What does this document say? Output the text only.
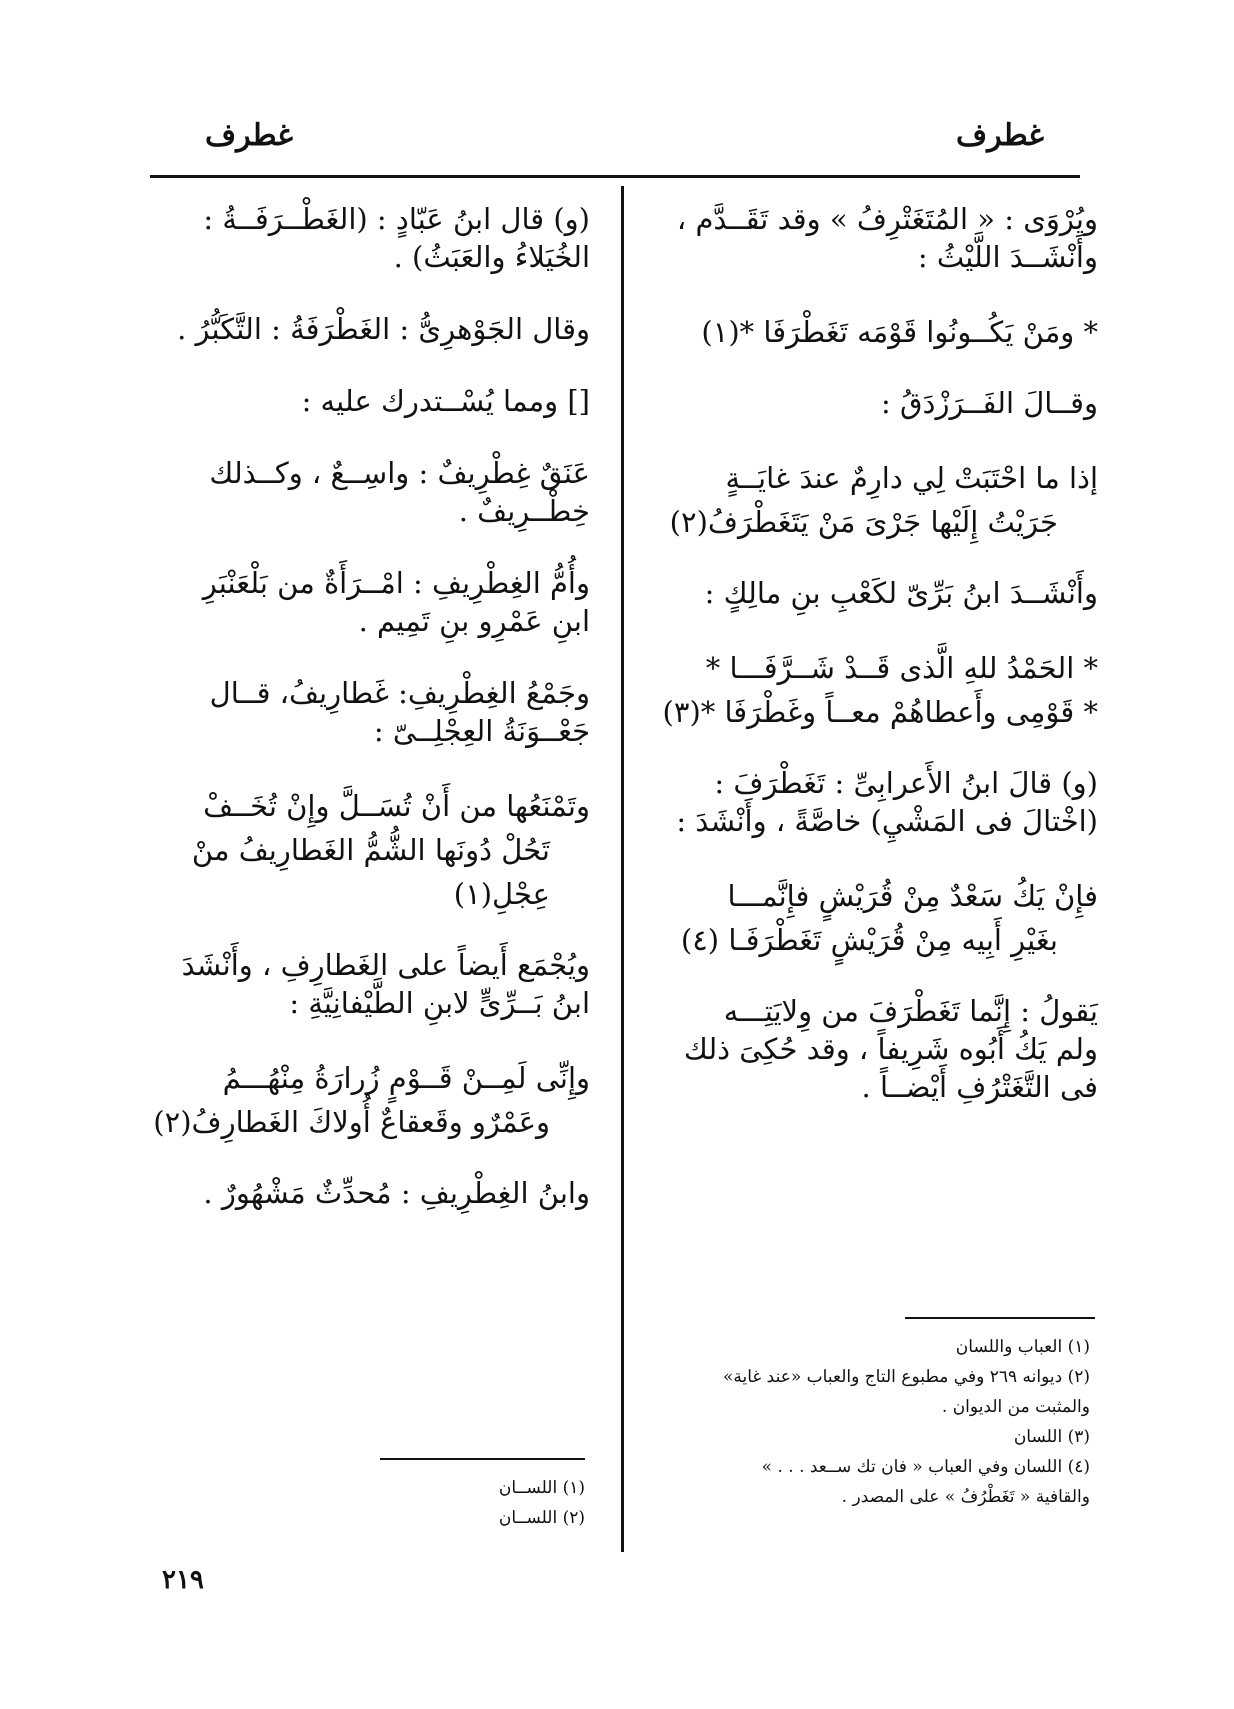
غطرف
غطرف

ويُرْوَى : « المُتَغَتْرِفُ » وقد تَقَــدَّم ،

وأَنْشَــدَ اللَّيْثُ :

* ومَنْ يَكُــونُوا قَوْمَه تَغَطْرَفَا *(١)

وقــالَ الفَــرَزْدَقُ :

إذا ما احْتَبَتْ لِي دارِمٌ عندَ غايَــةٍ

جَرَيْتُ إِلَيْها جَرْىَ مَنْ يَتَغَطْرَفُ(٢)

وأَنْشَــدَ ابنُ بَرِّىّ لكَعْبِ بنِ مالِكٍ :

* الحَمْدُ للهِ الَّذى قَــدْ شَــرَّفَـــا *

* قَوْمِى وأَعطاهُمْ معــاً وغَطْرَفَا *(٣)

(و) قالَ ابنُ الأَعرابِىِّ : تَغَطْرَفَ :

(اخْتالَ فى المَشْيِ) خاصَّةً ، وأَنْشَدَ :

فإِنْ يَكُ سَعْدٌ مِنْ قُرَيْشٍ فإِنَّمـــا

بغَيْرِ أَبِيه مِنْ قُرَيْشٍ تَغَطْرَفَـا (٤)

يَقولُ : إِنَّما تَغَطْرَفَ من وِلايَتِـــه

ولم يَكُ أَبُوه شَرِيفاً ، وقد حُكِىَ ذلك

فى التَّغَتْرُفِ أَيْضــاً .

(١) العباب واللسان

(٢) ديوانه ٢٦٩ وفي مطبوع التاج والعباب «عند غاية»

والمثبت من الديوان .

(٣) اللسان

(٤) اللسان وفي العباب « فان تك ســعد . . . »

والقافية « تَغَطْرُفُ » على المصدر .

(و) قال ابنُ عَبّادٍ : (الغَطْــرَفَــةُ :

الخُيَلاءُ والعَبَثُ) .

وقال الجَوْهرِىُّ : الغَطْرَفَةُ : التَّكَبُّرُ .

[] ومما يُسْــتدرك عليه :

عَنَقٌ غِطْرِيفٌ : واسِــعٌ ، وكــذلك

خِطْــرِيفٌ .

وأُمُّ الغِطْرِيفِ : امْــرَأَةٌ من بَلْعَنْبَرِ

ابنِ عَمْرِو بنِ تَمِيم .

وجَمْعُ الغِطْرِيفِ: غَطارِيفُ، قــال

جَعْــوَنَةُ العِجْلِــىّ :

وتَمْنَعُها من أَنْ تُسَــلَّ وإِنْ تُخَــفْ

تَحُلْ دُونَها الشُّمُّ الغَطارِيفُ منْ عِجْلِ(١)

ويُجْمَع أَيضاً على الغَطارِفِ ، وأَنْشَدَ

ابنُ بَــرِّىٍّ لابنِ الطَّيْفانِيَّةِ :

وإِنِّى لَمِــنْ قَــوْمٍ زُرارَةُ مِنْهُـــمُ

وعَمْرٌو وقَعقاعٌ أُولاكَ الغَطارِفُ(٢)

وابنُ الغِطْرِيفِ : مُحدِّثٌ مَشْهُورٌ .

(١) اللســان

(٢) اللســان

٢١٩
